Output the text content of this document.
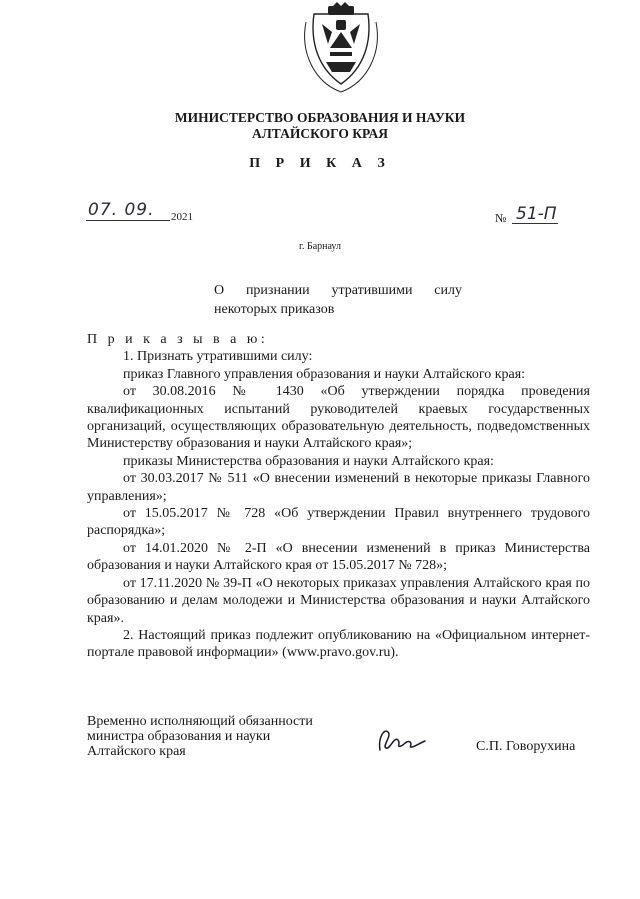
МИНИСТЕРСТВО ОБРАЗОВАНИЯ И НАУКИ
АЛТАЙСКОГО КРАЯ
П Р И К А З
07. 09. 2021	№ 51-П
г. Барнаул
О признании утратившими силу
некоторых приказов

П р и к а з ы в а ю:

1. Признать утратившими силу:

приказ Главного управления образования и науки Алтайского края:

от 30.08.2016 № 1430 «Об утверждении порядка проведения квалификационных испытаний руководителей краевых государственных организаций, осуществляющих образовательную деятельность, подведомственных Министерству образования и науки Алтайского края»;

приказы Министерства образования и науки Алтайского края:

от 30.03.2017 № 511 «О внесении изменений в некоторые приказы Главного управления»;

от 15.05.2017 № 728 «Об утверждении Правил внутреннего трудового распорядка»;

от 14.01.2020 № 2-П «О внесении изменений в приказ Министерства образования и науки Алтайского края от 15.05.2017 № 728»;

от 17.11.2020 № 39-П «О некоторых приказах управления Алтайского края по образованию и делам молодежи и Министерства образования и науки Алтайского края».

2. Настоящий приказ подлежит опубликованию на «Официальном интернет-портале правовой информации» (www.pravo.gov.ru).

Временно исполняющий обязанности
министра образования и науки
Алтайского края	С.П. Говорухина
